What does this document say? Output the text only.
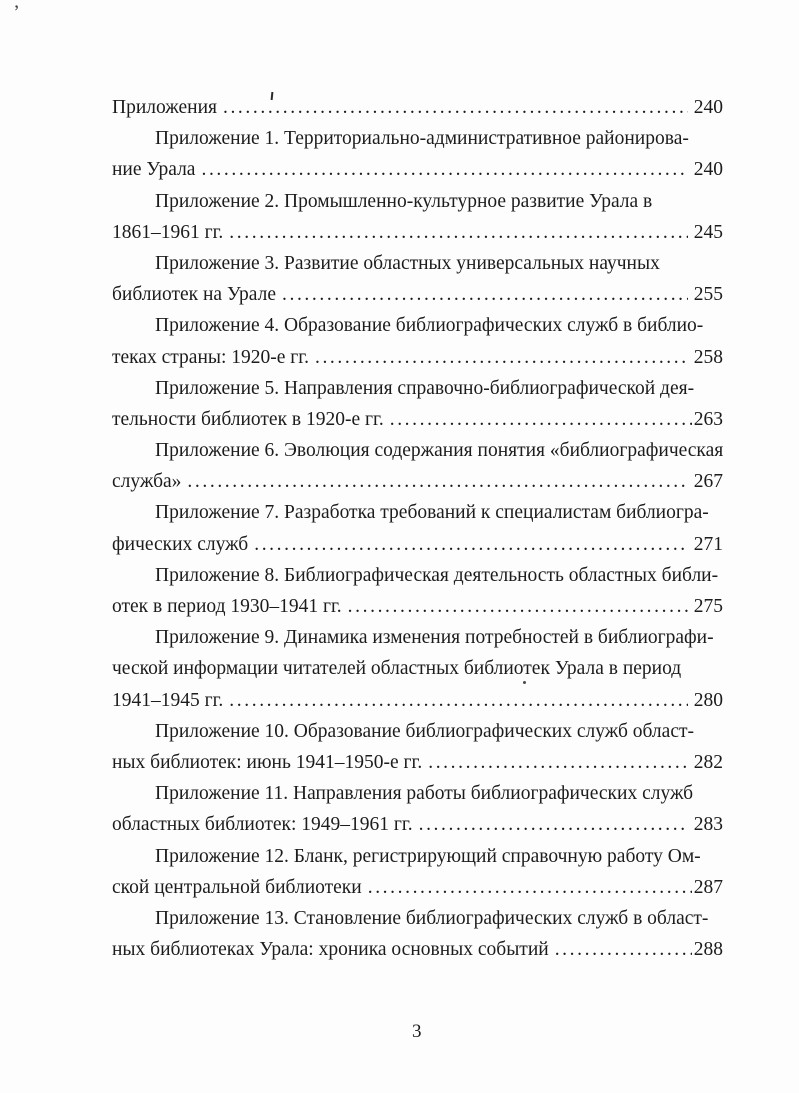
’
Приложения .....	240
Приложение 1. Территориально-административное районирова-
ние Урала .....	240
Приложение 2. Промышленно-культурное развитие Урала в
1861–1961 гг. .....	245
Приложение 3. Развитие областных универсальных научных
библиотек на Урале .....	255
Приложение 4. Образование библиографических служб в библио-
теках страны: 1920-е гг. .....	258
Приложение 5. Направления справочно-библиографической дея-
тельности библиотек в 1920-е гг. .....	263
Приложение 6. Эволюция содержания понятия «библиографическая
служба» .....	267
Приложение 7. Разработка требований к специалистам библиогра-
фических служб .....	271
Приложение 8. Библиографическая деятельность областных библи-
отек в период 1930–1941 гг. .....	275
Приложение 9. Динамика изменения потребностей в библиографи-
ческой информации читателей областных библиотек Урала в период
1941–1945 гг. .....	280
Приложение 10. Образование библиографических служб област-
ных библиотек: июнь 1941–1950-е гг. .....	282
Приложение 11. Направления работы библиографических служб
областных библиотек: 1949–1961 гг. .....	283
Приложение 12. Бланк, регистрирующий справочную работу Ом-
ской центральной библиотеки .....	287
Приложение 13. Становление библиографических служб в област-
ных библиотеках Урала: хроника основных событий .....	288
3
